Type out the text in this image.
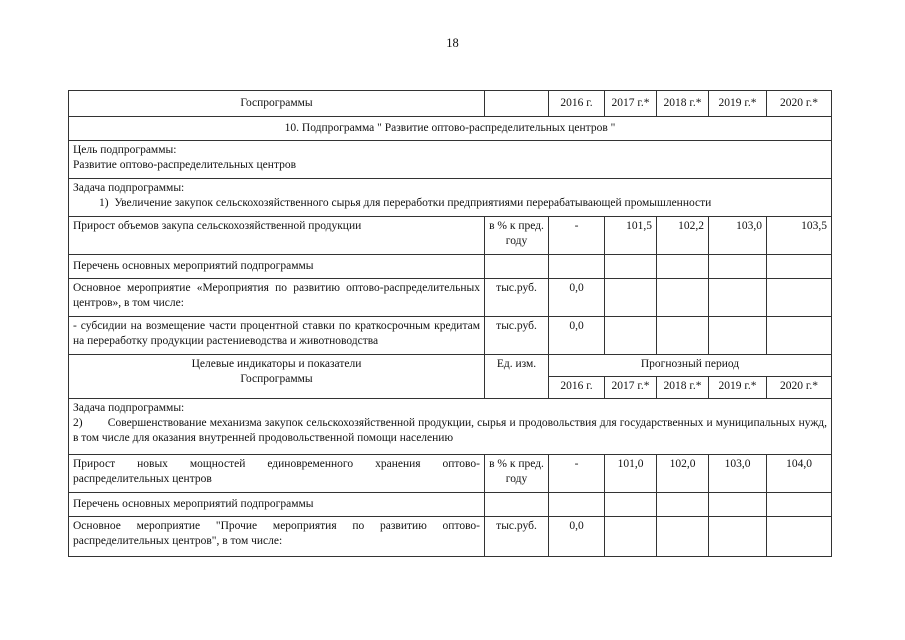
18
Госпрограммы		2016 г.	2017 г.*	2018 г.*	2019 г.*	2020 г.*
10. Подпрограмма " Развитие оптово-распределительных центров "						

Цель подпрограммы:
Развитие оптово-распределительных центров						

Задача подпрограммы:
1)  Увеличение закупок сельскохозяйственного сырья для переработки предприятиями перерабатывающей промышленности						

Прирост объемов закупа сельскохозяйственной продукции	в % к пред. году	-	101,5	102,2	103,0	103,5
Перечень основных мероприятий подпрограммы						
Основное мероприятие «Мероприятия по развитию оптово-распределительных центров», в том числе:	тыс.руб.	0,0				
- субсидии на возмещение части процентной ставки по краткосрочным кредитам на переработку продукции растениеводства и животноводства	тыс.руб.	0,0				
Целевые индикаторы и показатели Госпрограммы	Ед. изм.	Прогнозный период				
		2016 г.	2017 г.*	2018 г.*	2019 г.*	2020 г.*

Задача подпрограммы:
2)        Совершенствование механизма закупок сельскохозяйственной продукции, сырья и продовольствия для государственных и муниципальных нужд, в том числе для оказания внутренней продовольственной помощи населению						

Прирост новых мощностей единовременного хранения оптово-распределительных центров	в % к пред. году	-	101,0	102,0	103,0	104,0
Перечень основных мероприятий подпрограммы						
Основное мероприятие "Прочие мероприятия по развитию оптово-распределительных центров", в том числе:	тыс.руб.	0,0				
